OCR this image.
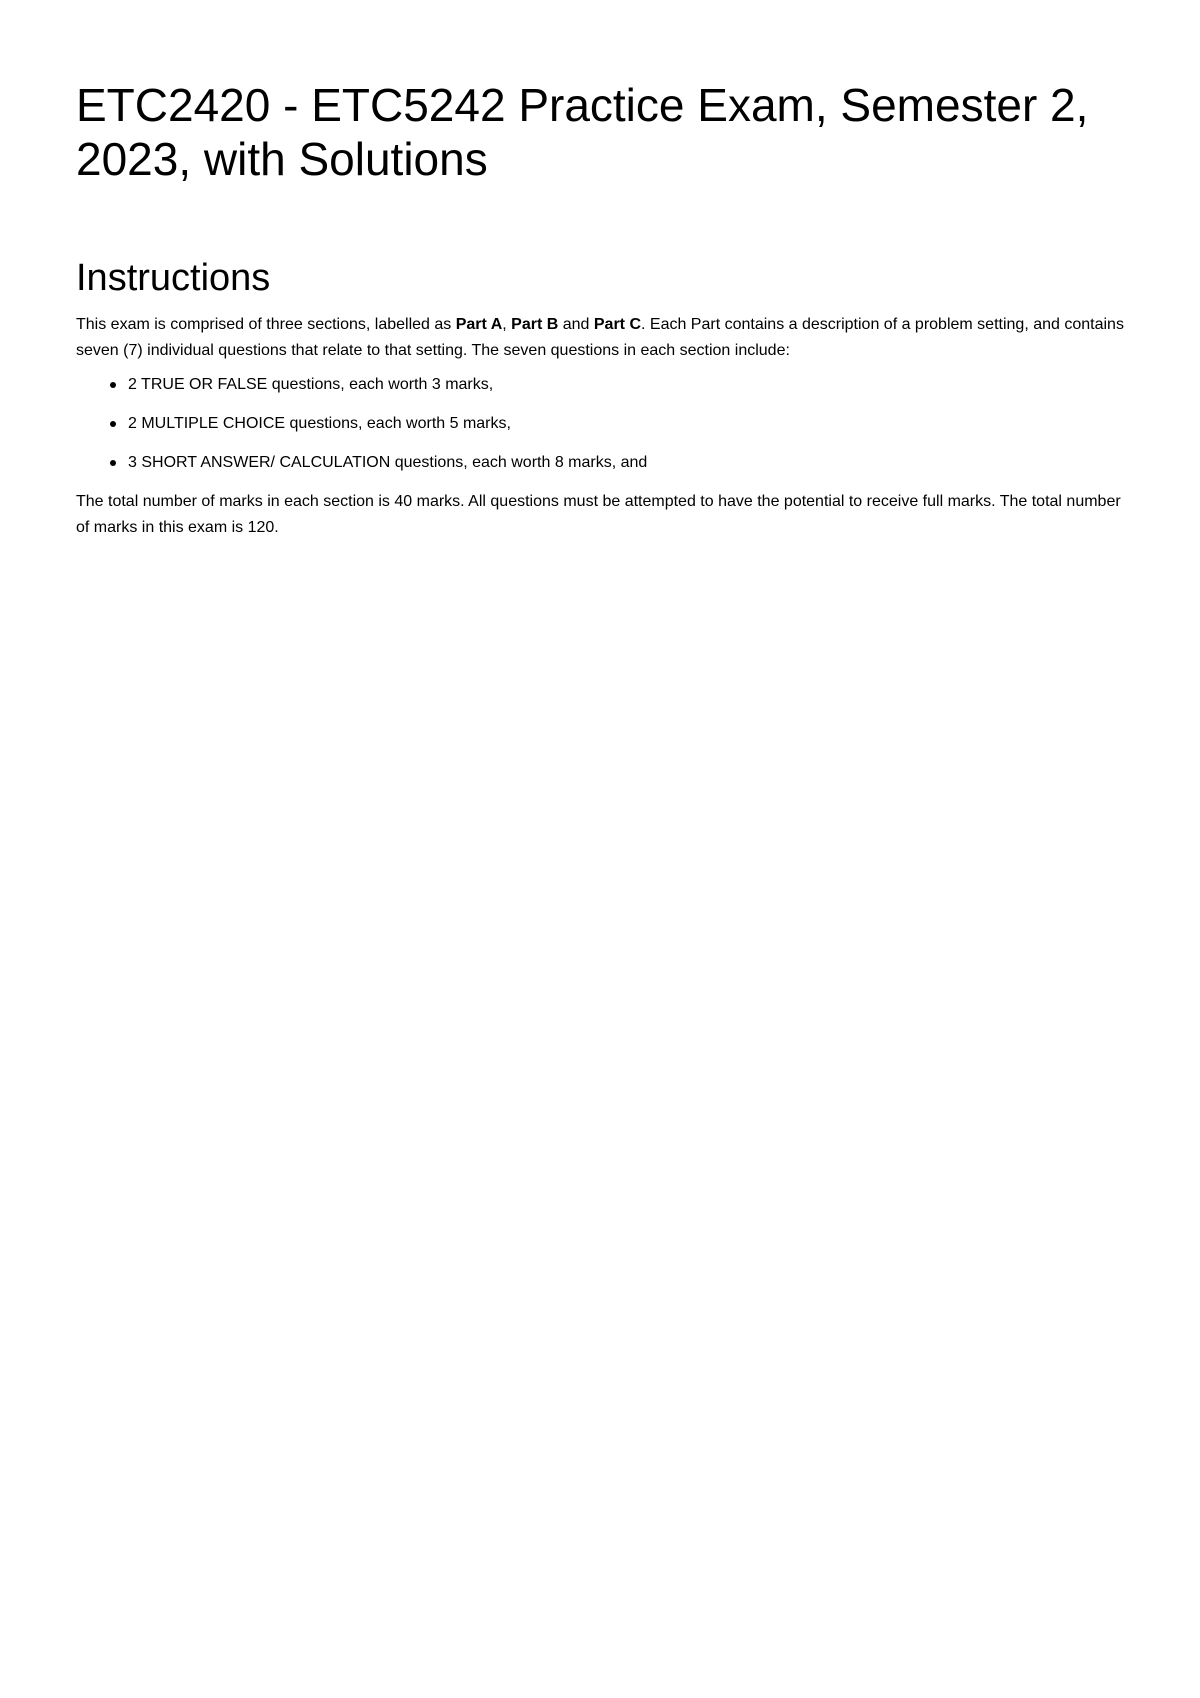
ETC2420 - ETC5242 Practice Exam, Semester 2, 2023, with Solutions
Instructions

This exam is comprised of three sections, labelled as Part A, Part B and Part C. Each Part contains a description of a problem setting, and contains seven (7) individual questions that relate to that setting. The seven questions in each section include:

2 TRUE OR FALSE questions, each worth 3 marks,
2 MULTIPLE CHOICE questions, each worth 5 marks,
3 SHORT ANSWER/ CALCULATION questions, each worth 8 marks, and

The total number of marks in each section is 40 marks. All questions must be attempted to have the potential to receive full marks. The total number of marks in this exam is 120.
